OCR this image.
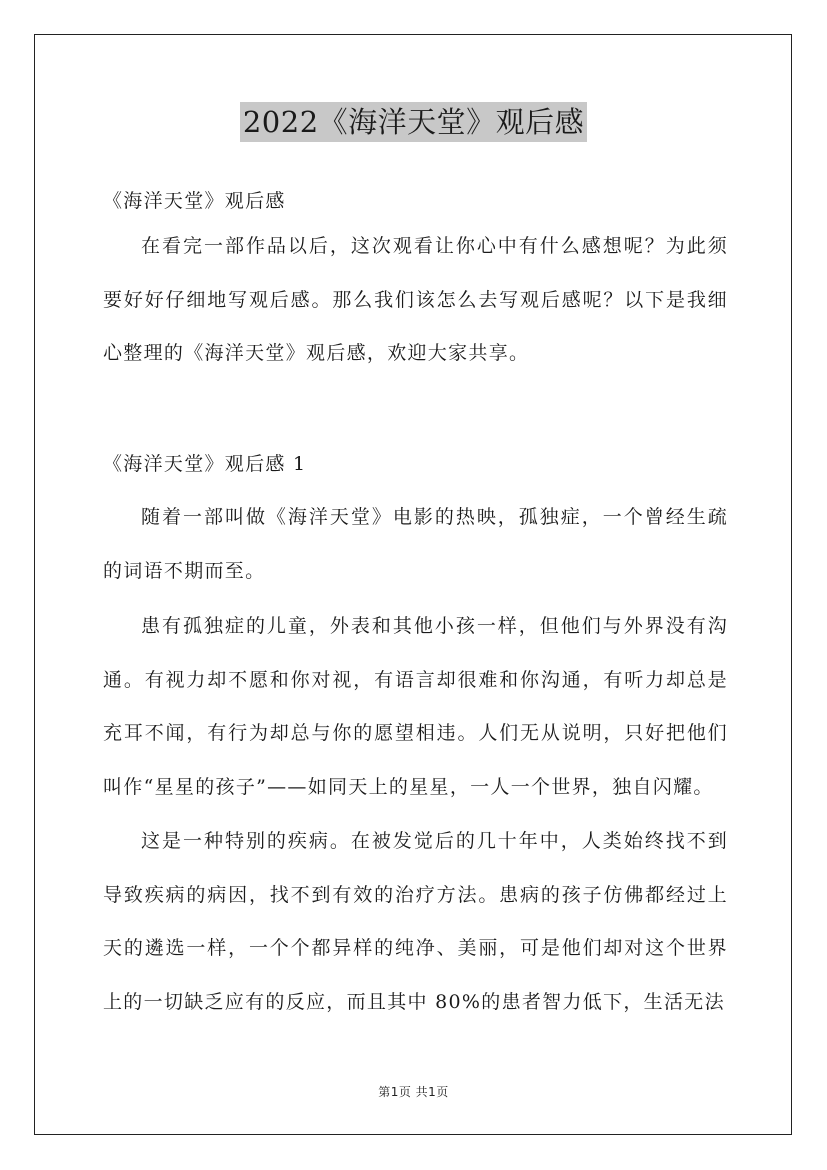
2022《海洋天堂》观后感

《海洋天堂》观后感

在看完一部作品以后，这次观看让你心中有什么感想呢？为此须要好好仔细地写观后感。那么我们该怎么去写观后感呢？以下是我细心整理的《海洋天堂》观后感，欢迎大家共享。

《海洋天堂》观后感 1

随着一部叫做《海洋天堂》电影的热映，孤独症，一个曾经生疏的词语不期而至。

患有孤独症的儿童，外表和其他小孩一样，但他们与外界没有沟通。有视力却不愿和你对视，有语言却很难和你沟通，有听力却总是充耳不闻，有行为却总与你的愿望相违。人们无从说明，只好把他们叫作“星星的孩子”——如同天上的星星，一人一个世界，独自闪耀。

这是一种特别的疾病。在被发觉后的几十年中，人类始终找不到导致疾病的病因，找不到有效的治疗方法。患病的孩子仿佛都经过上天的遴选一样，一个个都异样的纯净、美丽，可是他们却对这个世界上的一切缺乏应有的反应，而且其中 80%的患者智力低下，生活无法

第1页 共1页
